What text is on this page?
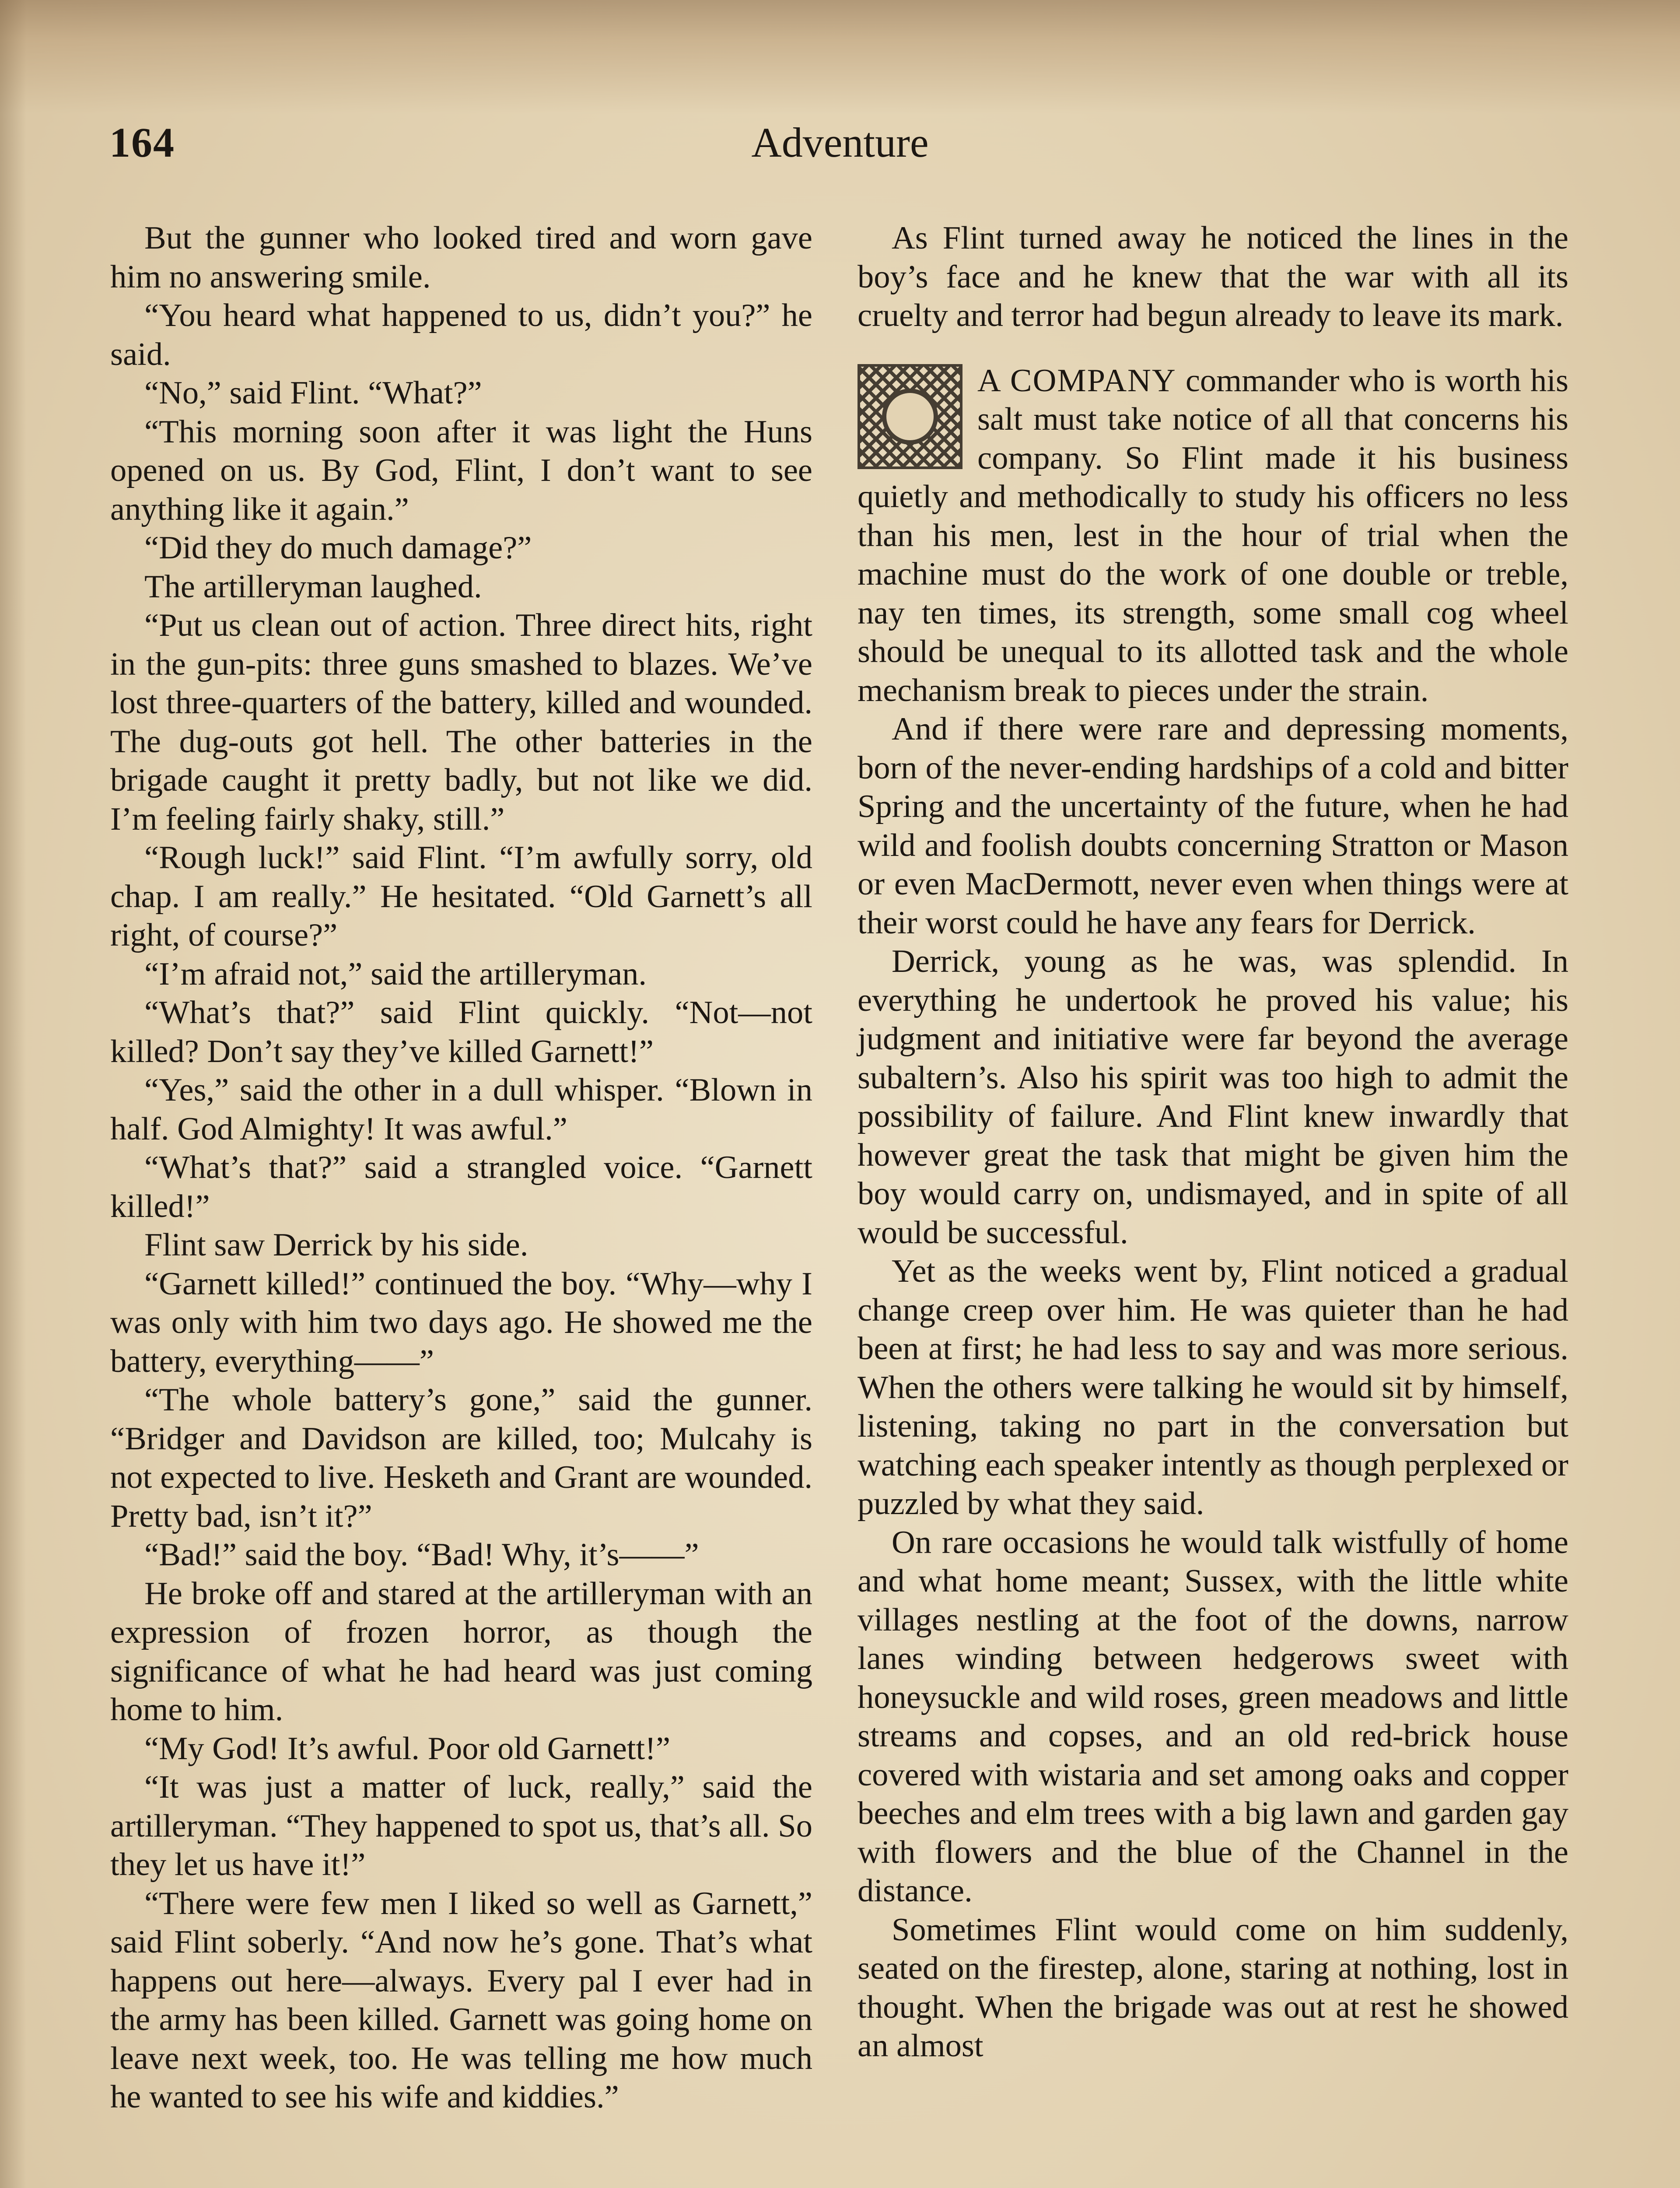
164	Adventure

But the gunner who looked tired and worn gave him no answering smile.

“You heard what happened to us, didn’t you?” he said.

“No,” said Flint. “What?”

“This morning soon after it was light the Huns opened on us. By God, Flint, I don’t want to see anything like it again.”

“Did they do much damage?”

The artilleryman laughed.

“Put us clean out of action. Three direct hits, right in the gun-pits: three guns smashed to blazes. We’ve lost three-quarters of the battery, killed and wounded. The dug-outs got hell. The other batteries in the brigade caught it pretty badly, but not like we did. I’m feeling fairly shaky, still.”

“Rough luck!” said Flint. “I’m awfully sorry, old chap. I am really.” He hesitated. “Old Garnett’s all right, of course?”

“I’m afraid not,” said the artilleryman.

“What’s that?” said Flint quickly. “Not—not killed? Don’t say they’ve killed Garnett!”

“Yes,” said the other in a dull whisper. “Blown in half. God Almighty! It was awful.”

“What’s that?” said a strangled voice. “Garnett killed!”

Flint saw Derrick by his side.

“Garnett killed!” continued the boy. “Why—why I was only with him two days ago. He showed me the battery, everything——”

“The whole battery’s gone,” said the gunner. “Bridger and Davidson are killed, too; Mulcahy is not expected to live. Hesketh and Grant are wounded. Pretty bad, isn’t it?”

“Bad!” said the boy. “Bad! Why, it’s——”

He broke off and stared at the artilleryman with an expression of frozen horror, as though the significance of what he had heard was just coming home to him.

“My God! It’s awful. Poor old Garnett!”

“It was just a matter of luck, really,” said the artilleryman. “They happened to spot us, that’s all. So they let us have it!”

“There were few men I liked so well as Garnett,” said Flint soberly. “And now he’s gone. That’s what happens out here—always. Every pal I ever had in the army has been killed. Garnett was going home on leave next week, too. He was telling me how much he wanted to see his wife and kiddies.”

As Flint turned away he noticed the lines in the boy’s face and he knew that the war with all its cruelty and terror had begun already to leave its mark.

A COMPANY commander who is worth his salt must take notice of all that concerns his company. So Flint made it his business quietly and methodically to study his officers no less than his men, lest in the hour of trial when the machine must do the work of one double or treble, nay ten times, its strength, some small cog wheel should be unequal to its allotted task and the whole mechanism break to pieces under the strain.

And if there were rare and depressing moments, born of the never-ending hardships of a cold and bitter Spring and the uncertainty of the future, when he had wild and foolish doubts concerning Stratton or Mason or even MacDermott, never even when things were at their worst could he have any fears for Derrick.

Derrick, young as he was, was splendid. In everything he undertook he proved his value; his judgment and initiative were far beyond the average subaltern’s. Also his spirit was too high to admit the possibility of failure. And Flint knew inwardly that however great the task that might be given him the boy would carry on, undismayed, and in spite of all would be successful.

Yet as the weeks went by, Flint noticed a gradual change creep over him. He was quieter than he had been at first; he had less to say and was more serious. When the others were talking he would sit by himself, listening, taking no part in the conversation but watching each speaker intently as though perplexed or puzzled by what they said.

On rare occasions he would talk wistfully of home and what home meant; Sussex, with the little white villages nestling at the foot of the downs, narrow lanes winding between hedgerows sweet with honeysuckle and wild roses, green meadows and little streams and copses, and an old red-brick house covered with wistaria and set among oaks and copper beeches and elm trees with a big lawn and garden gay with flowers and the blue of the Channel in the distance.

Sometimes Flint would come on him suddenly, seated on the firestep, alone, staring at nothing, lost in thought. When the brigade was out at rest he showed an almost
